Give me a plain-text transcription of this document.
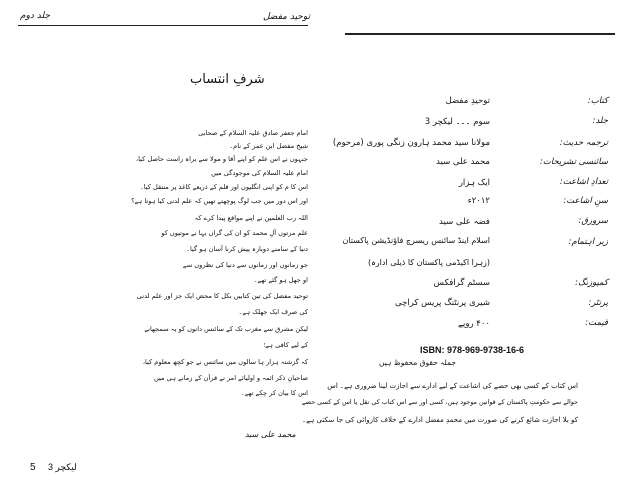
جلد دوم	توحید مفضل
شرفِ انتساب
امام جعفر صادق علیہ السلام کے صحابی
شیخ مفضل ابن عمر کے نام۔
جنہوں نے اس علم کو اپنے آقا و مولا سے براہ راست حاصل کیا،
امام علیہ السلام کی موجودگی میں
اس کا م کو اپنی انگلیوں اور قلم کے ذریعے کاغذ پر منتقل کیا۔
اور اس دور میں جب لوگ پوچھتے تھیں کہ علم لدنی کیا ہوتا ہے؟
اللہ رب العلمین نے اپنے مواقع پیدا کرے کہ
علم مرتوں آلِ محمد کو ان کی گراں بہا نے موتیوں کو
دنیا کے سامنے دوبارہ پیش کرنا آسان ہو گیا۔
جو زمانوں اور زمانوں سے دنیا کی نظروں سے
او جھل ہو گئے تھے۔
توحید مفضل کی تین کتابیں بکل کا محض ایک جز اور علم لدنی
کی صرف ایک جھلک ہے۔
لیکن مشرق سے مغرب تک کے سائنس دانوں کو یہ سمجھانے
کے لیے کافی ہے؛
کہ گزشتہ ہزار ہا سالوں میں سائنس نے جو کچھ معلوم کیا،
صاحبانِ ذکر ائمہ و اولیائے امر نے قرآن کے زمانے ہی میں
اس کا بیان کر چکے تھے۔
محمد علی سید
5 لیکچر 3
کتاب:
توحیدِ مفضل
جلد:
سوم ۔۔۔ لیکچر 3
ترجمہ حدیث:
مولانا سید محمد ہارون زنگی پوری (مرحوم)
سائنسی تشریحات:
محمد علی سید
تعدادِ اشاعت:
ایک ہزار
سنِ اشاعت:
۲۰۱۲ء
سرورق:
فضہ علی سید
زیر اہتمام:
اسلام اینڈ سائنس ریسرچ فاؤنڈیشن پاکستان
(زہرا اکیڈمی پاکستان کا ذیلی ادارہ)
کمپوزنگ:
سسٹم گرافکس
پرنٹر:
شیری پرنٹنگ پریس کراچی
قیمت:
۴۰۰ روپے
ISBN: 978-969-9738-16-6
جملہ حقوق محفوظ ہیں
اس کتاب کے کسی بھی حصے کی اشاعت کے لیے ادارے سے اجازت لینا ضروری ہے۔ اس
حوالے سے حکومتِ پاکستان کے قوانین موجود ہیں، کسی اور سے اس کتاب کی نقل یا اس کے کسی حصے
کو بلا اجازت شائع کرنے کی صورت میں محمدِ مفضل ادارے کے خلاف کاروائی کی جا سکتی ہے۔
